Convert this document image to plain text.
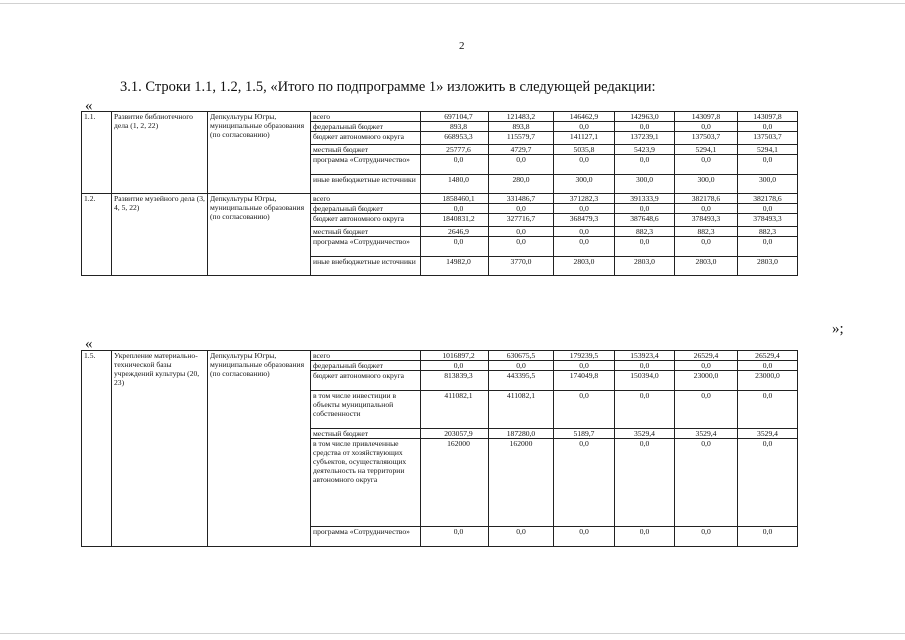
2
3.1. Строки 1.1, 1.2, 1.5, «Итого по подпрограмме 1» изложить в следующей редакции:
«
1.1.	Развитие библиотечного дела (1, 2, 22)	Депкультуры Югры, муниципальные образования (по согласованию)	всего	697104,7	121483,2	146462,9	142963,0	143097,8	143097,8
			федеральный бюджет	893,8	893,8	0,0	0,0	0,0	0,0
			бюджет автономного округа	668953,3	115579,7	141127,1	137239,1	137503,7	137503,7
			местный бюджет	25777,6	4729,7	5035,8	5423,9	5294,1	5294,1
			программа «Сотрудничество»	0,0	0,0	0,0	0,0	0,0	0,0
			иные внебюджетные источники	1480,0	280,0	300,0	300,0	300,0	300,0
1.2.	Развитие музейного дела (3, 4, 5, 22)	Депкультуры Югры, муниципальные образования (по согласованию)	всего	1858460,1	331486,7	371282,3	391333,9	382178,6	382178,6
			федеральный бюджет	0,0	0,0	0,0	0,0	0,0	0,0
			бюджет автономного округа	1840831,2	327716,7	368479,3	387648,6	378493,3	378493,3
			местный бюджет	2646,9	0,0	0,0	882,3	882,3	882,3
			программа «Сотрудничество»	0,0	0,0	0,0	0,0	0,0	0,0
			иные внебюджетные источники	14982,0	3770,0	2803,0	2803,0	2803,0	2803,0
»;
«
1.5.	Укрепление материально-технической базы учреждений культуры (20, 23)	Депкультуры Югры, муниципальные образования (по согласованию)	всего	1016897,2	630675,5	179239,5	153923,4	26529,4	26529,4
			федеральный бюджет	0,0	0,0	0,0	0,0	0,0	0,0
			бюджет автономного округа	813839,3	443395,5	174049,8	150394,0	23000,0	23000,0
			в том числе инвестиции в объекты муниципальной собственности	411082,1	411082,1	0,0	0,0	0,0	0,0
			местный бюджет	203057,9	187280,0	5189,7	3529,4	3529,4	3529,4
			в том числе привлеченные средства от хозяйствующих субъектов, осуществляющих деятельность на территории автономного округа	162000	162000	0,0	0,0	0,0	0,0
			программа «Сотрудничество»	0,0	0,0	0,0	0,0	0,0	0,0
